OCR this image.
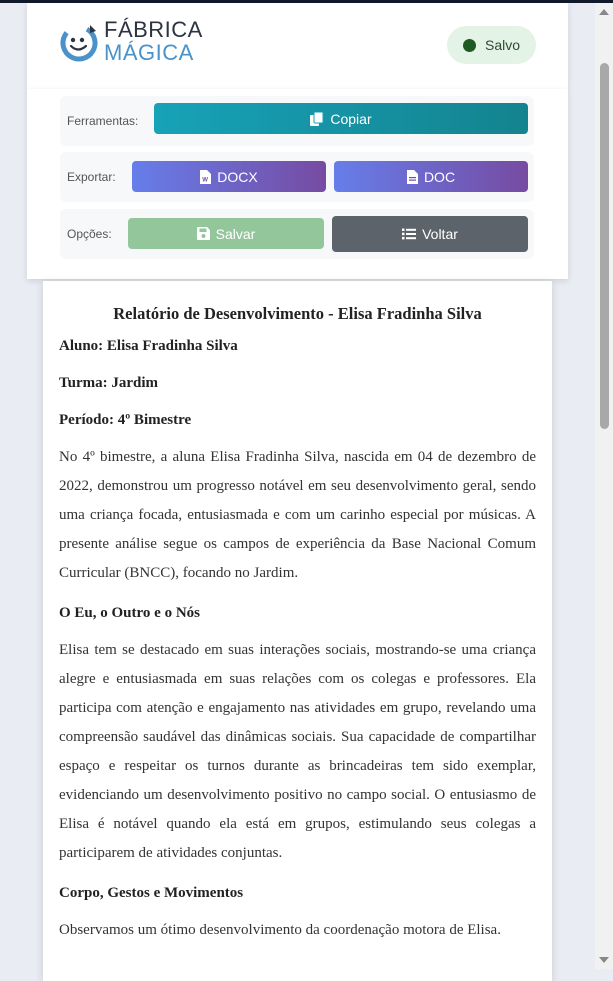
FÁBRICA
MÁGICA	Salvo
Ferramentas:	Copiar
Exportar:	W DOCX	DOC
Opções:	Salvar	Voltar
Relatório de Desenvolvimento - Elisa Fradinha Silva
Aluno: Elisa Fradinha Silva
Turma: Jardim
Período: 4º Bimestre

No 4º bimestre, a aluna Elisa Fradinha Silva, nascida em 04 de dezembro de 2022, demonstrou um progresso notável em seu desenvolvimento geral, sendo uma criança focada, entusiasmada e com um carinho especial por músicas. A presente análise segue os campos de experiência da Base Nacional Comum Curricular (BNCC), focando no Jardim.

O Eu, o Outro e o Nós

Elisa tem se destacado em suas interações sociais, mostrando-se uma criança alegre e entusiasmada em suas relações com os colegas e professores. Ela participa com atenção e engajamento nas atividades em grupo, revelando uma compreensão saudável das dinâmicas sociais. Sua capacidade de compartilhar espaço e respeitar os turnos durante as brincadeiras tem sido exemplar, evidenciando um desenvolvimento positivo no campo social. O entusiasmo de Elisa é notável quando ela está em grupos, estimulando seus colegas a participarem de atividades conjuntas.

Corpo, Gestos e Movimentos

Observamos um ótimo desenvolvimento da coordenação motora de Elisa.
